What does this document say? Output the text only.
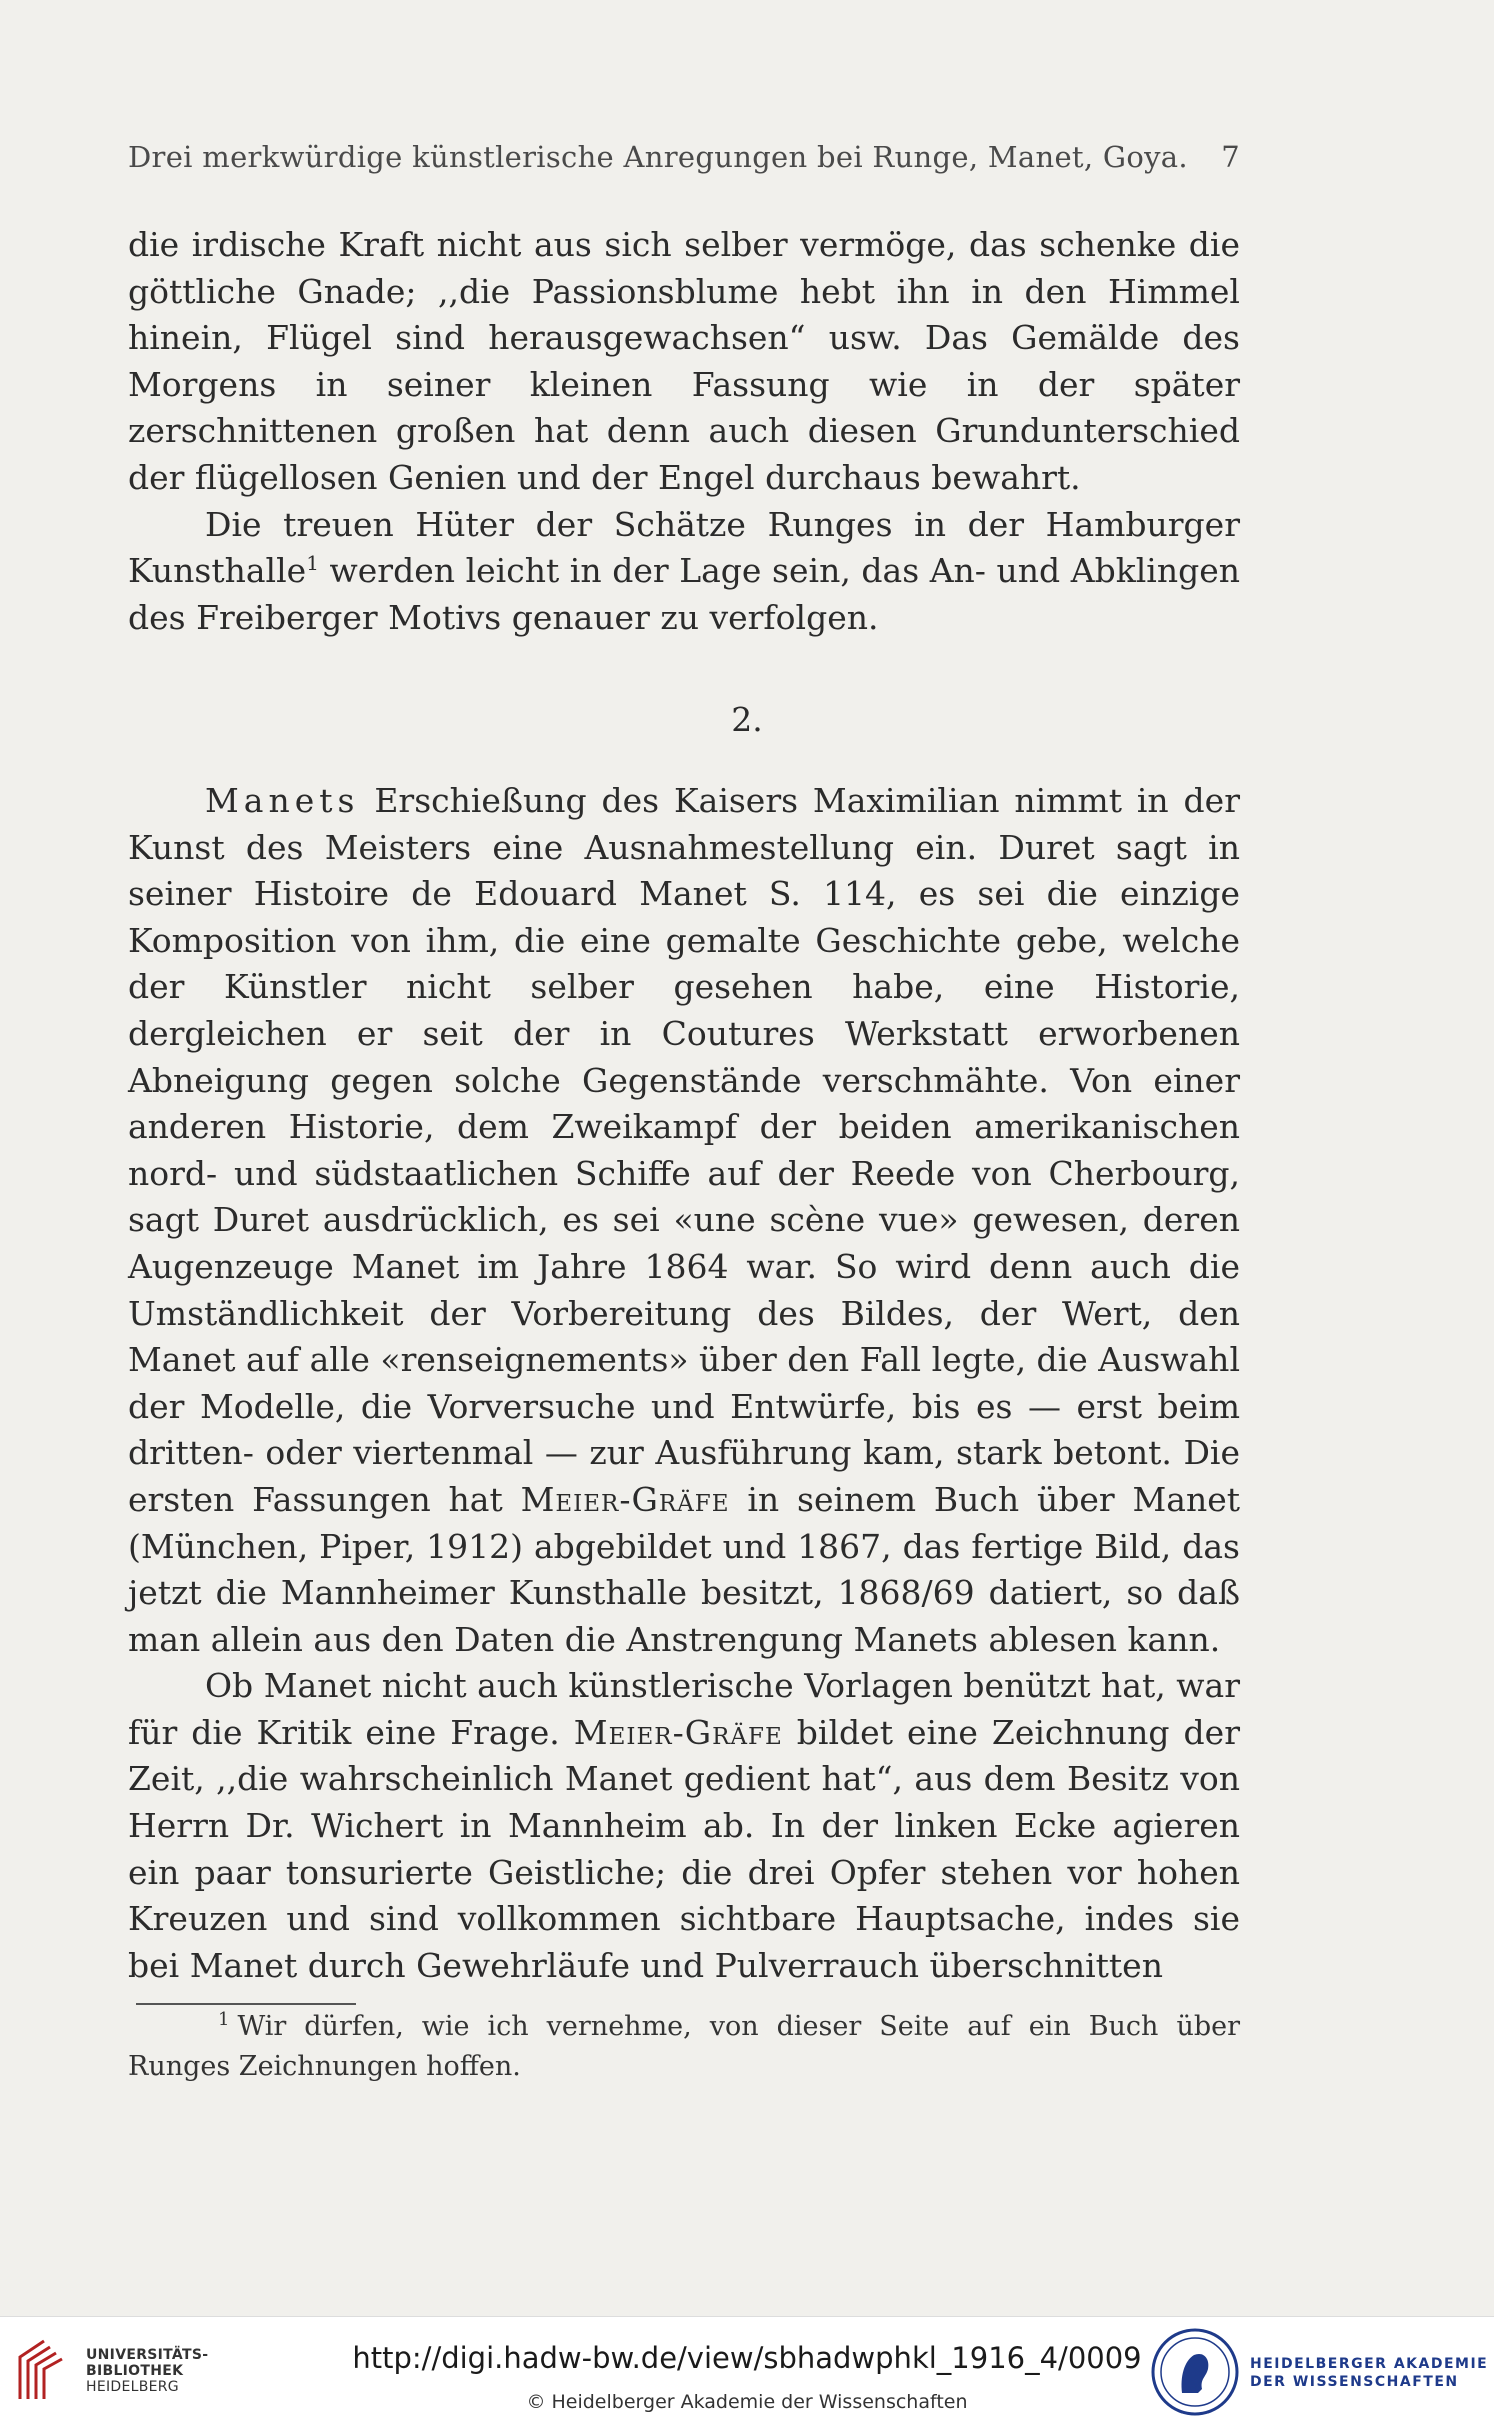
Drei merkwürdige künstlerische Anregungen bei Runge, Manet, Goya. 7

die irdische Kraft nicht aus sich selber vermöge, das schenke die göttliche Gnade; ,,die Passionsblume hebt ihn in den Himmel hinein, Flügel sind herausgewachsen“ usw. Das Gemälde des Morgens in seiner kleinen Fassung wie in der später zerschnittenen großen hat denn auch diesen Grundunterschied der flügellosen Genien und der Engel durchaus bewahrt.

Die treuen Hüter der Schätze Runges in der Hamburger Kunsthalle$^1$ werden leicht in der Lage sein, das An- und Abklingen des Freiberger Motivs genauer zu verfolgen.

2.

Manets Erschießung des Kaisers Maximilian nimmt in der Kunst des Meisters eine Ausnahmestellung ein. Duret sagt in seiner Histoire de Edouard Manet S. 114, es sei die einzige Komposition von ihm, die eine gemalte Geschichte gebe, welche der Künstler nicht selber gesehen habe, eine Historie, dergleichen er seit der in Coutures Werkstatt erworbenen Abneigung gegen solche Gegenstände verschmähte. Von einer anderen Historie, dem Zweikampf der beiden amerikanischen nord- und südstaatlichen Schiffe auf der Reede von Cherbourg, sagt Duret ausdrücklich, es sei «une scène vue» gewesen, deren Augenzeuge Manet im Jahre 1864 war. So wird denn auch die Umständlichkeit der Vorbereitung des Bildes, der Wert, den Manet auf alle «renseignements» über den Fall legte, die Auswahl der Modelle, die Vorversuche und Entwürfe, bis es — erst beim dritten- oder viertenmal — zur Ausführung kam, stark betont. Die ersten Fassungen hat Meier-Gräfe in seinem Buch über Manet (München, Piper, 1912) abgebildet und 1867, das fertige Bild, das jetzt die Mannheimer Kunsthalle besitzt, 1868/69 datiert, so daß man allein aus den Daten die Anstrengung Manets ablesen kann.

Ob Manet nicht auch künstlerische Vorlagen benützt hat, war für die Kritik eine Frage. Meier-Gräfe bildet eine Zeichnung der Zeit, ,,die wahrscheinlich Manet gedient hat“, aus dem Besitz von Herrn Dr. Wichert in Mannheim ab. In der linken Ecke agieren ein paar tonsurierte Geistliche; die drei Opfer stehen vor hohen Kreuzen und sind vollkommen sichtbare Hauptsache, indes sie bei Manet durch Gewehrläufe und Pulverrauch überschnitten

$^1$ Wir dürfen, wie ich vernehme, von dieser Seite auf ein Buch über Runges Zeichnungen hoffen.
UNIVERSITÄTS-
BIBLIOTHEK
HEIDELBERG
http://digi.hadw-bw.de/view/sbhadwphkl_1916_4/0009
© Heidelberger Akademie der Wissenschaften
HEIDELBERGER AKADEMIE
DER WISSENSCHAFTEN
